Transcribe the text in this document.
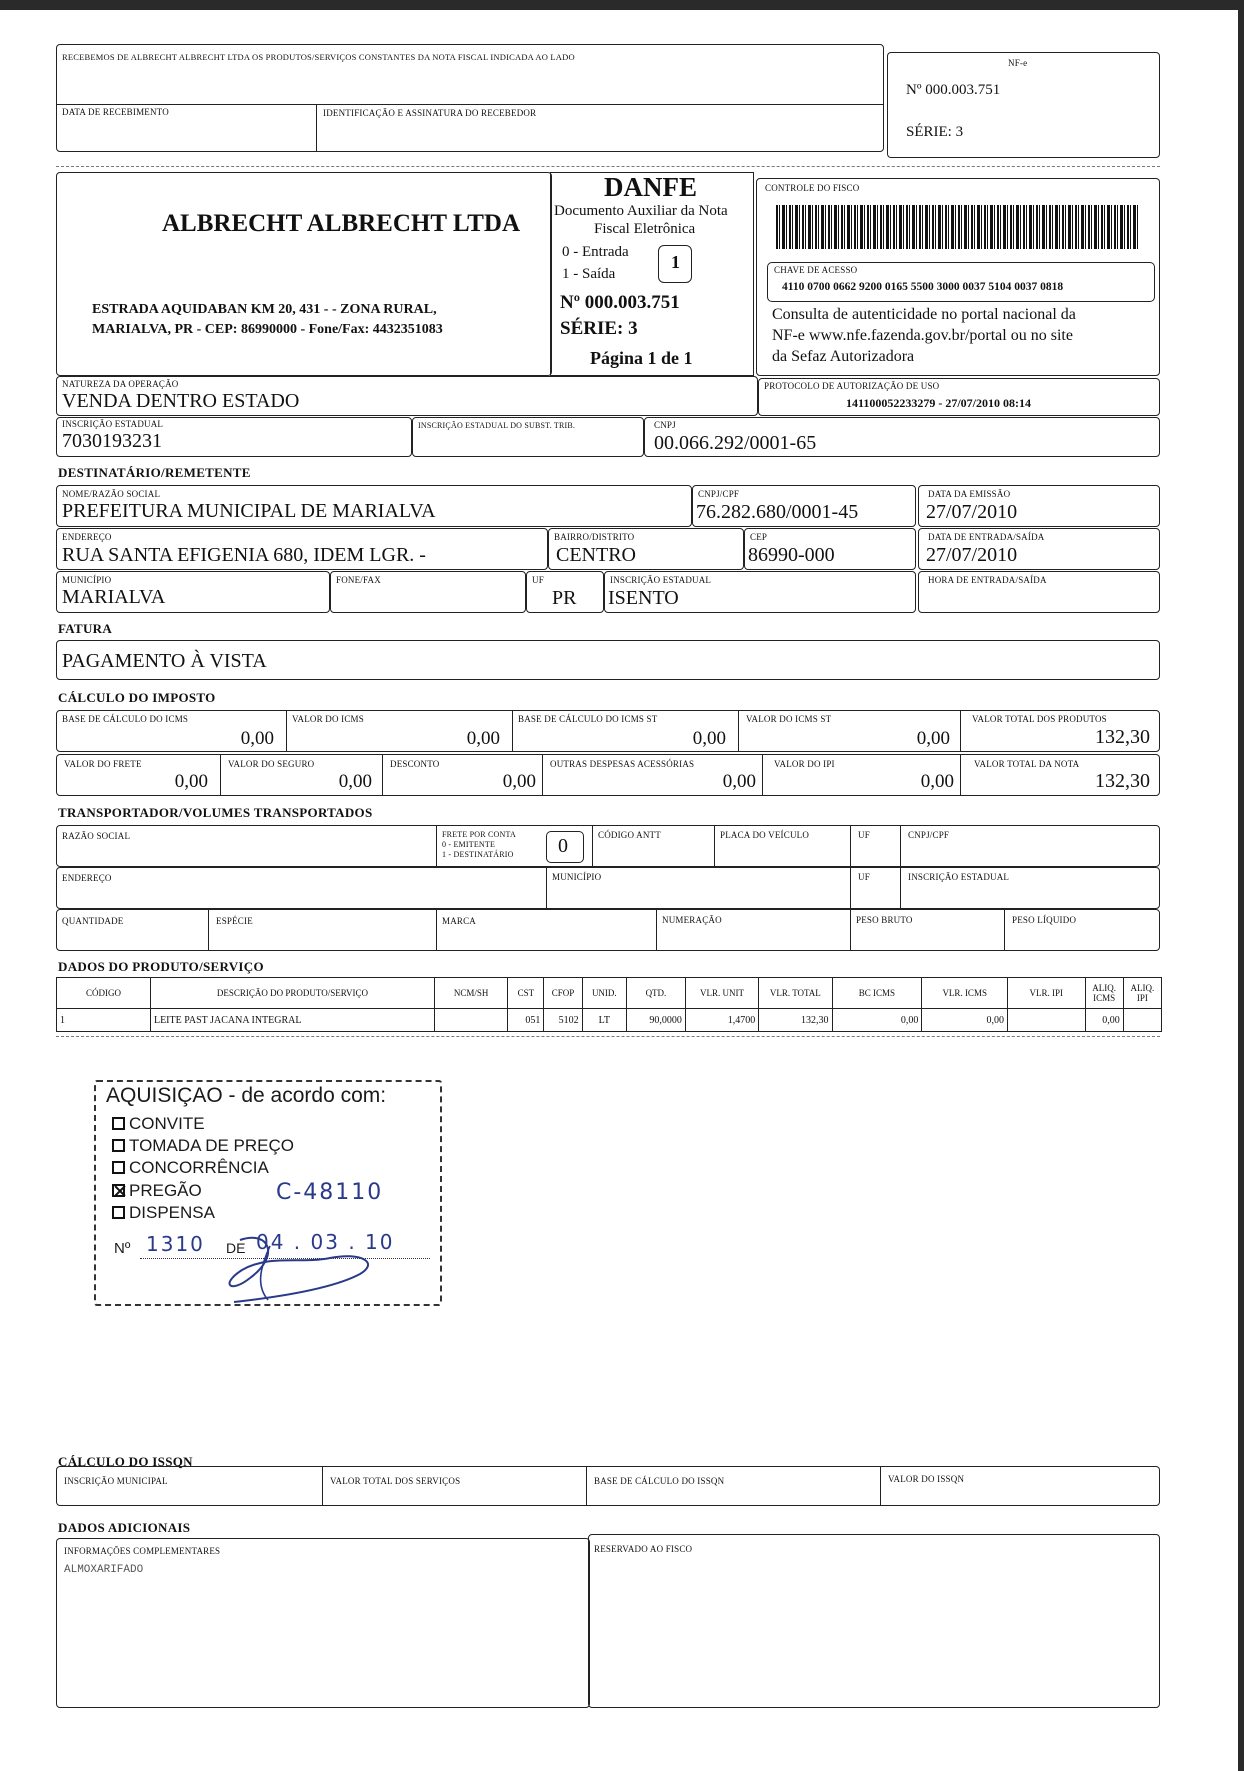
RECEBEMOS DE ALBRECHT ALBRECHT LTDA OS PRODUTOS/SERVIÇOS CONSTANTES DA NOTA FISCAL INDICADA AO LADO
DATA DE RECEBIMENTO	IDENTIFICAÇÃO E ASSINATURA DO RECEBEDOR
NF-e
Nº 000.003.751
SÉRIE: 3
ALBRECHT ALBRECHT LTDA
ESTRADA AQUIDABAN KM 20, 431 - - ZONA RURAL,
MARIALVA, PR - CEP: 86990000 - Fone/Fax: 4432351083
DANFE
Documento Auxiliar da Nota
Fiscal Eletrônica
0 - Entrada
1 - Saída
1
Nº 000.003.751
SÉRIE: 3
Página 1 de 1
CONTROLE DO FISCO
CHAVE DE ACESSO
4110 0700 0662 9200 0165 5500 3000 0037 5104 0037 0818
Consulta de autenticidade no portal nacional da
NF-e www.nfe.fazenda.gov.br/portal ou no site
da Sefaz Autorizadora
NATUREZA DA OPERAÇÃO
VENDA DENTRO ESTADO
PROTOCOLO DE AUTORIZAÇÃO DE USO
141100052233279 - 27/07/2010 08:14
INSCRIÇÃO ESTADUAL
7030193231
INSCRIÇÃO ESTADUAL DO SUBST. TRIB.	CNPJ
00.066.292/0001-65
DESTINATÁRIO/REMETENTE
NOME/RAZÃO SOCIAL
PREFEITURA MUNICIPAL DE MARIALVA
CNPJ/CPF
76.282.680/0001-45
DATA DA EMISSÃO
27/07/2010
ENDEREÇO
RUA SANTA EFIGENIA 680, IDEM LGR. -
BAIRRO/DISTRITO
CENTRO
CEP
86990-000
DATA DE ENTRADA/SAÍDA
27/07/2010
MUNICÍPIO
MARIALVA
FONE/FAX	UF
PR
INSCRIÇÃO ESTADUAL
ISENTO
HORA DE ENTRADA/SAÍDA
FATURA
PAGAMENTO À VISTA
CÁLCULO DO IMPOSTO
BASE DE CÁLCULO DO ICMS
0,00
VALOR DO ICMS
0,00
BASE DE CÁLCULO DO ICMS ST
0,00
VALOR DO ICMS ST
0,00
VALOR TOTAL DOS PRODUTOS
132,30
VALOR DO FRETE
0,00
VALOR DO SEGURO
0,00
DESCONTO
0,00
OUTRAS DESPESAS ACESSÓRIAS
0,00
VALOR DO IPI
0,00
VALOR TOTAL DA NOTA
132,30
TRANSPORTADOR/VOLUMES TRANSPORTADOS
RAZÃO SOCIAL	FRETE POR CONTA
0 - EMITENTE
1 - DESTINATÁRIO 0	CÓDIGO ANTT	PLACA DO VEÍCULO	UF	CNPJ/CPF
ENDEREÇO	MUNICÍPIO	UF	INSCRIÇÃO ESTADUAL
QUANTIDADE	ESPÉCIE	MARCA	NUMERAÇÃO	PESO BRUTO	PESO LÍQUIDO
DADOS DO PRODUTO/SERVIÇO
CÓDIGO	DESCRIÇÃO DO PRODUTO/SERVIÇO	NCM/SH	CST	CFOP	UNID.	QTD.	VLR. UNIT	VLR. TOTAL	BC ICMS	VLR. ICMS	VLR. IPI	ALIQ. ICMS	ALIQ. IPI
1	LEITE PAST JACANA INTEGRAL		051	5102	LT	90,0000	1,4700	132,30	0,00	0,00		0,00	
AQUISIÇAO - de acordo com:
CONVITE
TOMADA DE PREÇO
CONCORRÊNCIA
PREGÃO
DISPENSA
C-48110
Nº 1310 DE 04 . 03 . 10
CÁLCULO DO ISSQN
INSCRIÇÃO MUNICIPAL	VALOR TOTAL DOS SERVIÇOS	BASE DE CÁLCULO DO ISSQN	VALOR DO ISSQN
DADOS ADICIONAIS
INFORMAÇÕES COMPLEMENTARES
ALMOXARIFADO
RESERVADO AO FISCO
